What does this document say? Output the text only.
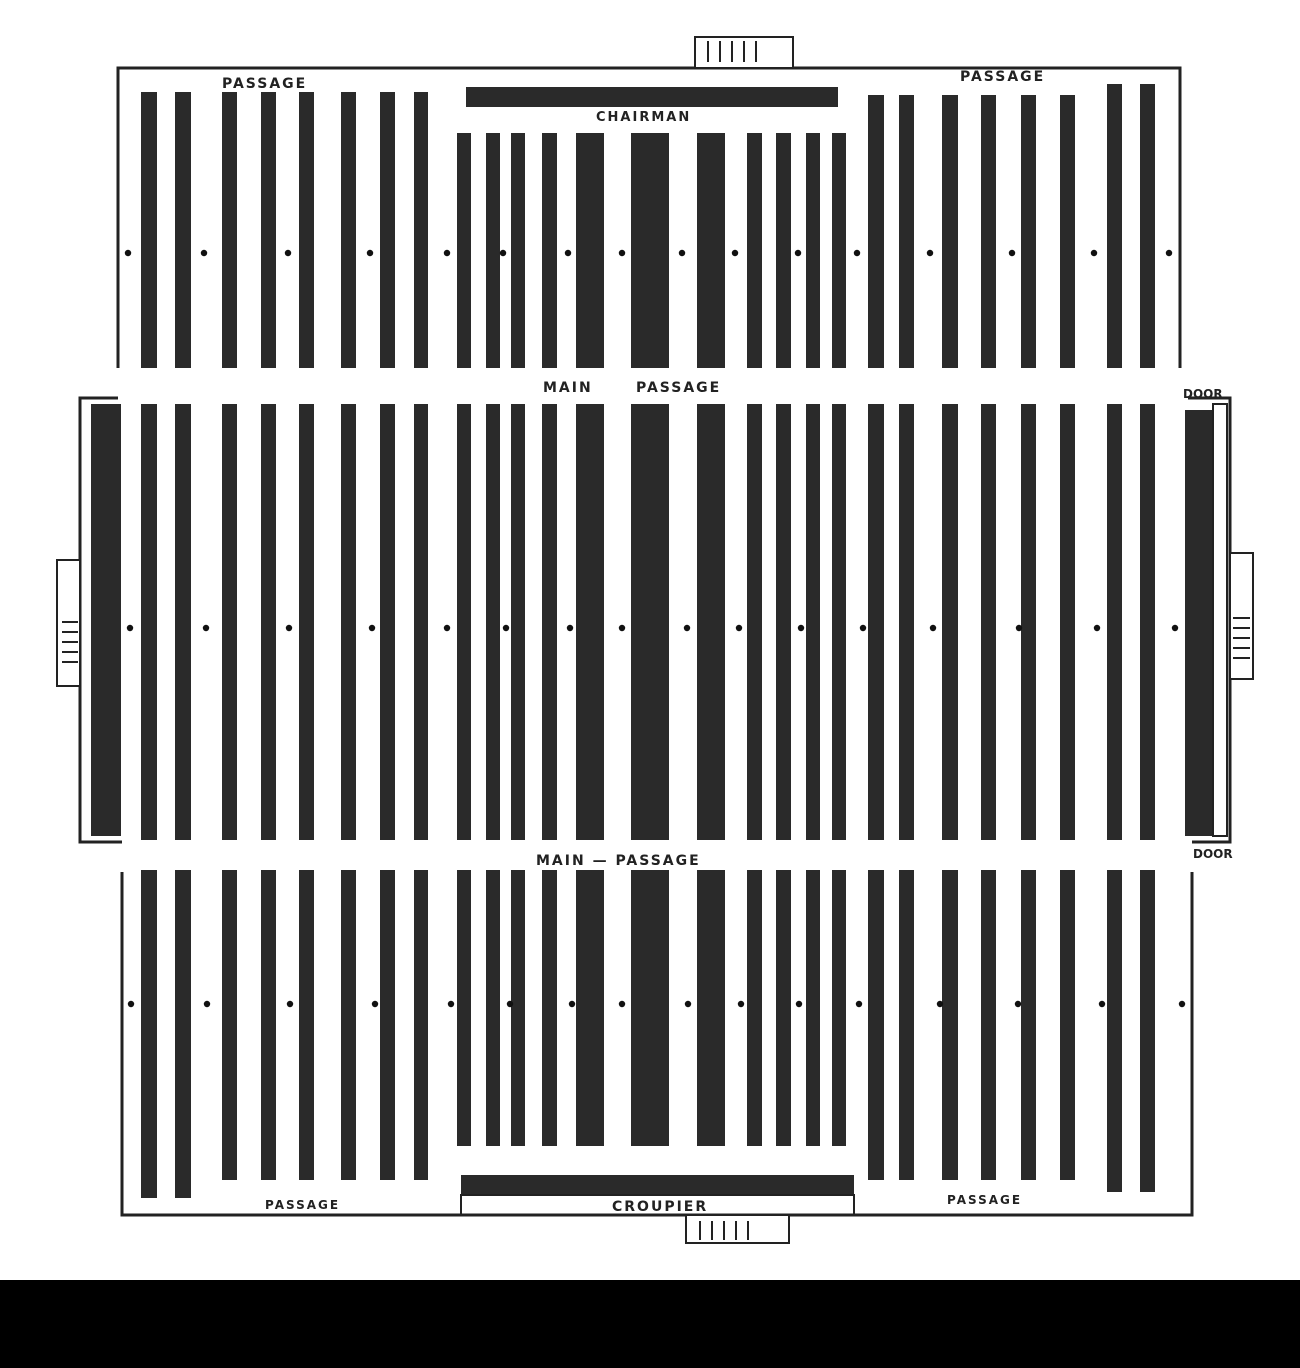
PASSAGE	PASSAGE
CHAIRMAN
MAIN	PASSAGE	DOOR
DOOR
MAIN — PASSAGE
PASSAGE	CROUPIER	PASSAGE
